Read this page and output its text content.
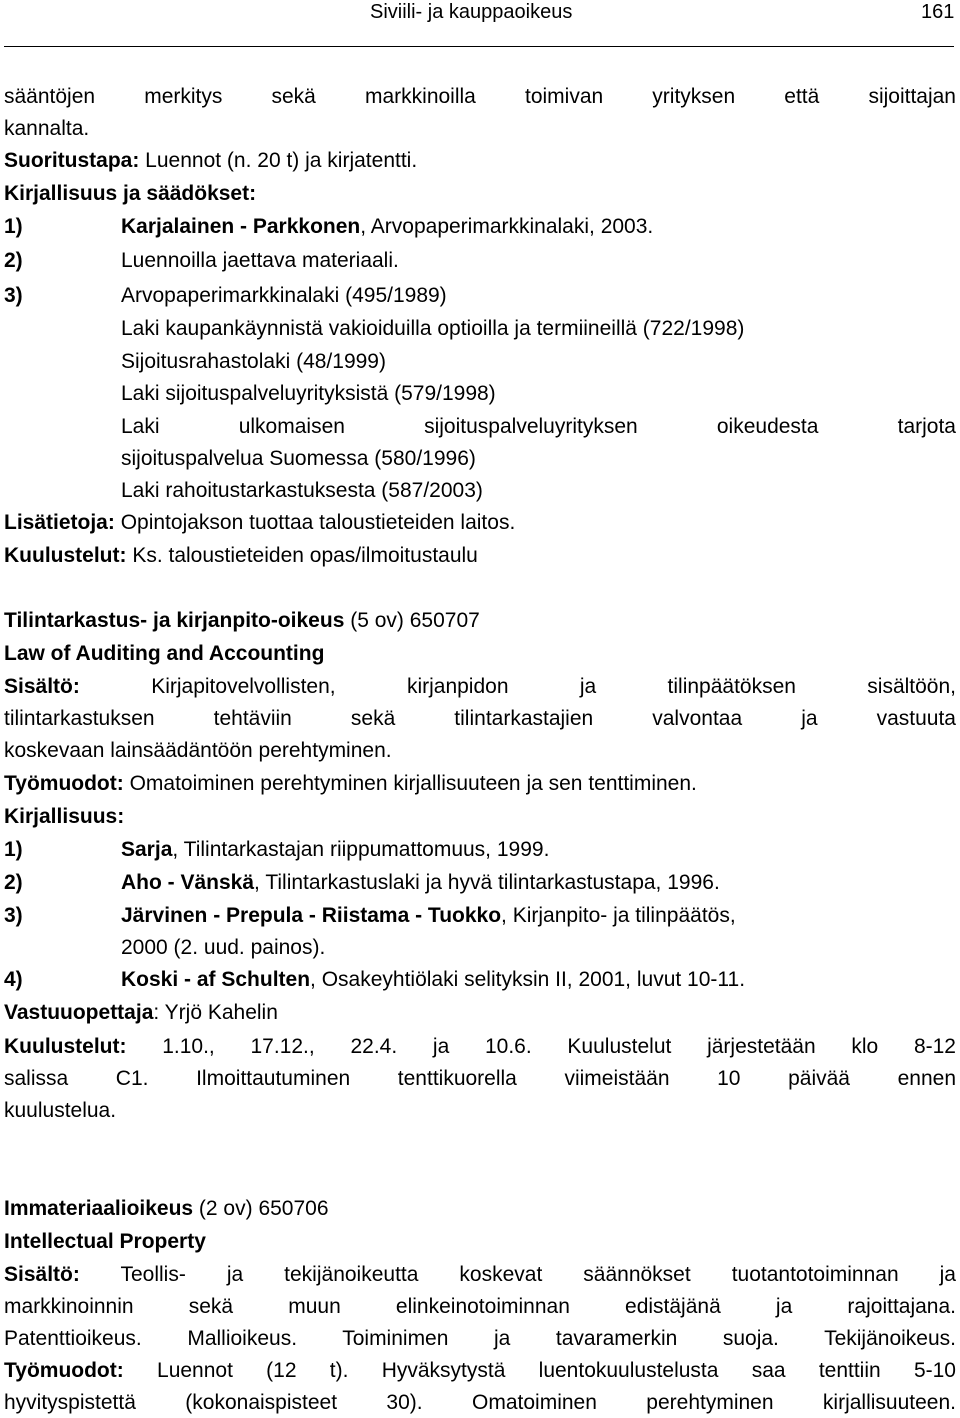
Siviili- ja kauppaoikeus	161
sääntöjen merkitys sekä markkinoilla toimivan yrityksen että sijoittajan
kannalta.
Suoritustapa: Luennot (n. 20 t) ja kirjatentti.
Kirjallisuus ja säädökset:
1)	Karjalainen - Parkkonen, Arvopaperimarkkinalaki, 2003.
2)	Luennoilla jaettava materiaali.
3)	Arvopaperimarkkinalaki (495/1989)
Laki kaupankäynnistä vakioiduilla optioilla ja termiineillä (722/1998)
Sijoitusrahastolaki (48/1999)
Laki sijoituspalveluyrityksistä (579/1998)
Laki ulkomaisen sijoituspalveluyrityksen oikeudesta tarjota
sijoituspalvelua Suomessa (580/1996)
Laki rahoitustarkastuksesta (587/2003)
Lisätietoja: Opintojakson tuottaa taloustieteiden laitos.
Kuulustelut: Ks. taloustieteiden opas/ilmoitustaulu
Tilintarkastus- ja kirjanpito-oikeus (5 ov) 650707
Law of Auditing and Accounting
Sisältö: Kirjapitovelvollisten, kirjanpidon ja tilinpäätöksen sisältöön,
tilintarkastuksen tehtäviin sekä tilintarkastajien valvontaa ja vastuuta
koskevaan lainsäädäntöön perehtyminen.
Työmuodot: Omatoiminen perehtyminen kirjallisuuteen ja sen tenttiminen.
Kirjallisuus:
1)	Sarja, Tilintarkastajan riippumattomuus, 1999.
2)	Aho - Vänskä, Tilintarkastuslaki ja hyvä tilintarkastustapa, 1996.
3)	Järvinen - Prepula - Riistama - Tuokko, Kirjanpito- ja tilinpäätös,
2000 (2. uud. painos).
4)	Koski - af Schulten, Osakeyhtiölaki selityksin II, 2001, luvut 10-11.
Vastuuopettaja: Yrjö Kahelin
Kuulustelut: 1.10., 17.12., 22.4. ja 10.6. Kuulustelut järjestetään klo 8-12
salissa C1. Ilmoittautuminen tenttikuorella viimeistään 10 päivää ennen
kuulustelua.
Immateriaalioikeus (2 ov) 650706
Intellectual Property
Sisältö: Teollis- ja tekijänoikeutta koskevat säännökset tuotantotoiminnan ja
markkinoinnin sekä muun elinkeinotoiminnan edistäjänä ja rajoittajana.
Patenttioikeus. Mallioikeus. Toiminimen ja tavaramerkin suoja. Tekijänoikeus.
Työmuodot: Luennot (12 t). Hyväksytystä luentokuulustelusta saa tenttiin 5-10
hyvityspistettä (kokonaispisteet 30). Omatoiminen perehtyminen kirjallisuuteen.
